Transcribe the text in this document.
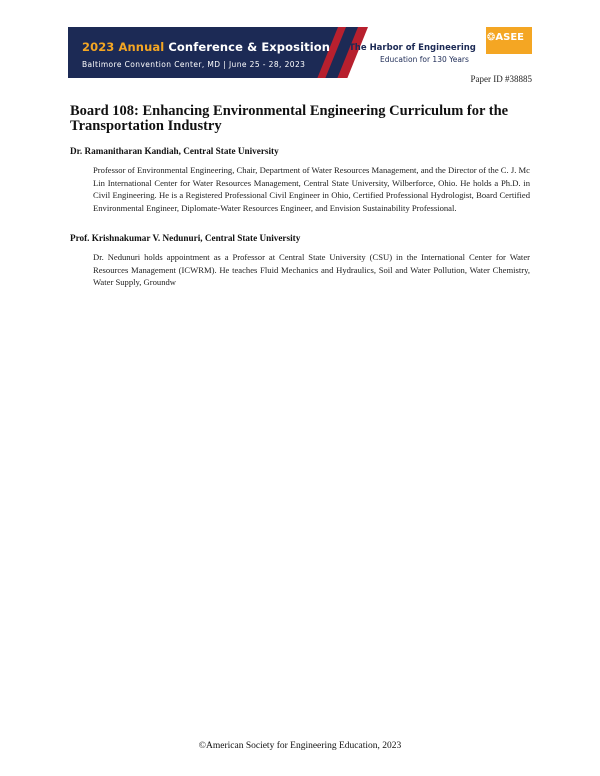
2023 Annual Conference & Exposition
Baltimore Convention Center, MD | June 25 - 28, 2023
The Harbor of Engineering
Education for 130 Years
❂ASEE
Paper ID #38885
Board 108: Enhancing Environmental Engineering Curriculum for the Transportation Industry

Dr. Ramanitharan Kandiah, Central State University

Professor of Environmental Engineering, Chair, Department of Water Resources Management, and the Director of the C. J. Mc Lin International Center for Water Resources Management, Central State University, Wilberforce, Ohio. He holds a Ph.D. in Civil Engineering. He is a Registered Professional Civil Engineer in Ohio, Certified Professional Hydrologist, Board Certified Environmental Engineer, Diplomate-Water Resources Engineer, and Envision Sustainability Professional.

Prof. Krishnakumar V. Nedunuri, Central State University

Dr. Nedunuri holds appointment as a Professor at Central State University (CSU) in the International Center for Water Resources Management (ICWRM). He teaches Fluid Mechanics and Hydraulics, Soil and Water Pollution, Water Chemistry, Water Supply, Groundw

©American Society for Engineering Education, 2023
